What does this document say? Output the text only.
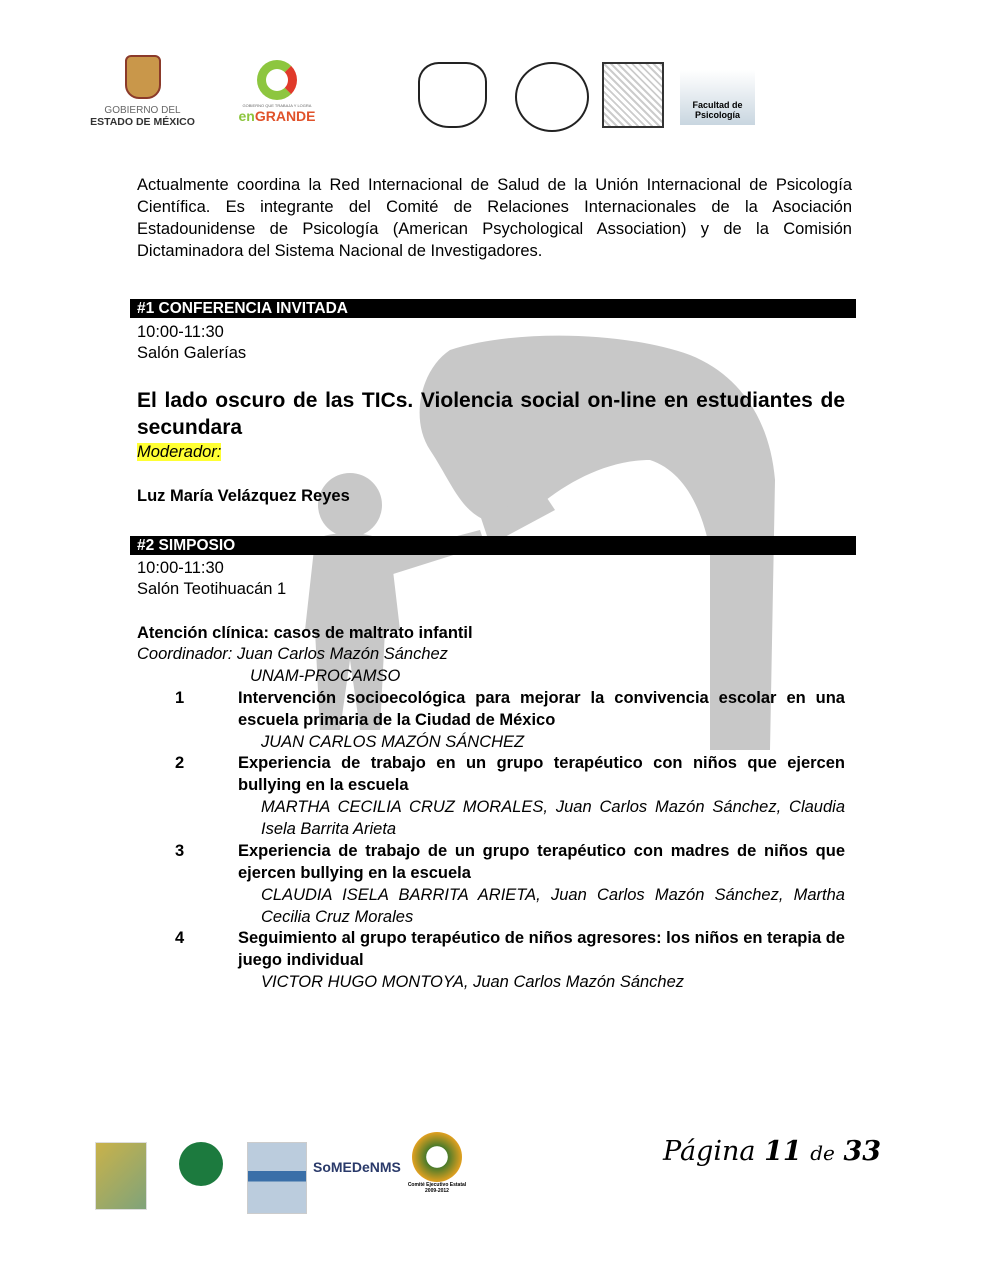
GOBIERNO DEL
ESTADO DE MÉXICO
GOBIERNO QUE TRABAJA Y LOGRA
enGRANDE
Facultad de Psicología
Actualmente coordina la Red Internacional de Salud de la Unión Internacional de Psicología Científica. Es integrante del Comité de Relaciones Internacionales de la Asociación Estadounidense de Psicología (American Psychological Association) y de la Comisión Dictaminadora del Sistema Nacional de Investigadores.
#1 CONFERENCIA INVITADA
10:00-11:30
Salón Galerías
El lado oscuro de las TICs. Violencia social on-line en estudiantes de secundara
Moderador:
Luz María Velázquez Reyes
#2 SIMPOSIO
10:00-11:30
Salón Teotihuacán 1
Atención clínica: casos de maltrato infantil
Coordinador: Juan Carlos Mazón Sánchez
UNAM-PROCAMSO
1	Intervención socioecológica para mejorar la convivencia escolar en una escuela primaria de la Ciudad de México
JUAN CARLOS MAZÓN SÁNCHEZ
2	Experiencia de trabajo en un grupo terapéutico con niños que ejercen bullying en la escuela
MARTHA CECILIA CRUZ MORALES, Juan Carlos Mazón Sánchez, Claudia Isela Barrita Arieta
3	Experiencia de trabajo de un grupo terapéutico con madres de niños que ejercen bullying en la escuela
CLAUDIA ISELA BARRITA ARIETA, Juan Carlos Mazón Sánchez, Martha Cecilia Cruz Morales
4	Seguimiento al grupo terapéutico de niños agresores: los niños en terapia de juego individual
VICTOR HUGO MONTOYA, Juan Carlos Mazón Sánchez
SoMEDeNMS
Comité Ejecutivo Estatal 2009-2012
Página 11 de 33
